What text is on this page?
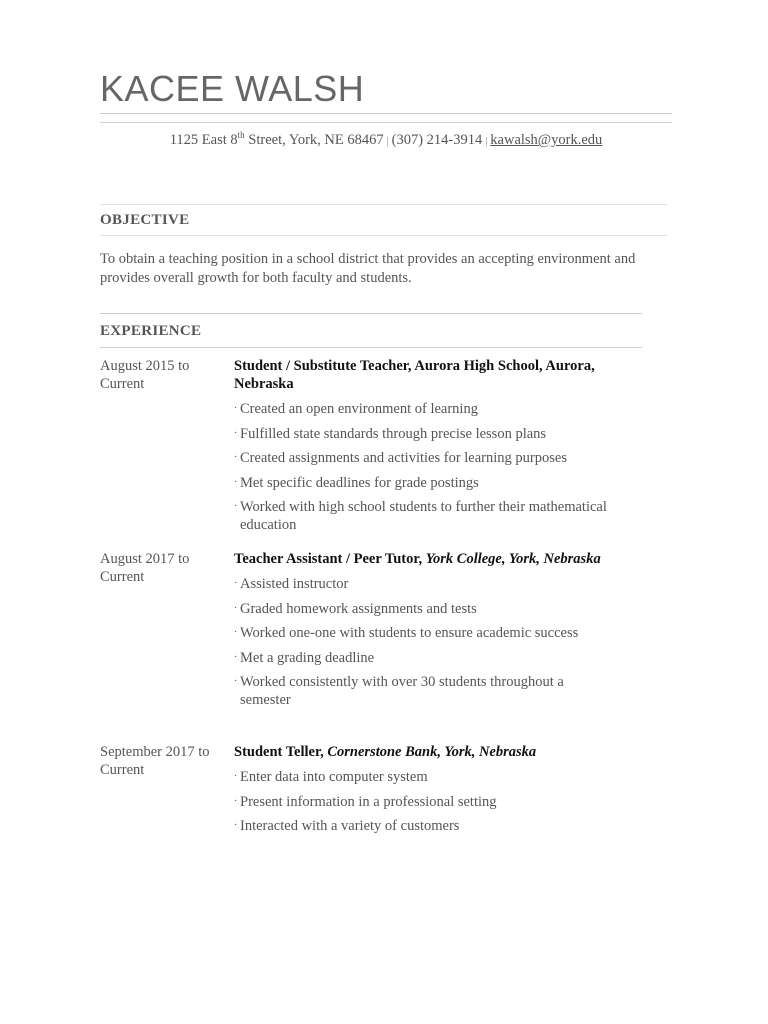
KACEE WALSH
1125 East 8th Street, York, NE 68467 | (307) 214-3914 | kawalsh@york.edu
OBJECTIVE
To obtain a teaching position in a school district that provides an accepting environment and provides overall growth for both faculty and students.
EXPERIENCE
August 2015 to Current
Student / Substitute Teacher, Aurora High School, Aurora, Nebraska
· Created an open environment of learning
· Fulfilled state standards through precise lesson plans
· Created assignments and activities for learning purposes
· Met specific deadlines for grade postings
· Worked with high school students to further their mathematical education
August 2017 to Current
Teacher Assistant / Peer Tutor, York College, York, Nebraska
· Assisted instructor
· Graded homework assignments and tests
· Worked one-one with students to ensure academic success
· Met a grading deadline
· Worked consistently with over 30 students throughout a semester
September 2017 to Current
Student Teller, Cornerstone Bank, York, Nebraska
· Enter data into computer system
· Present information in a professional setting
· Interacted with a variety of customers
